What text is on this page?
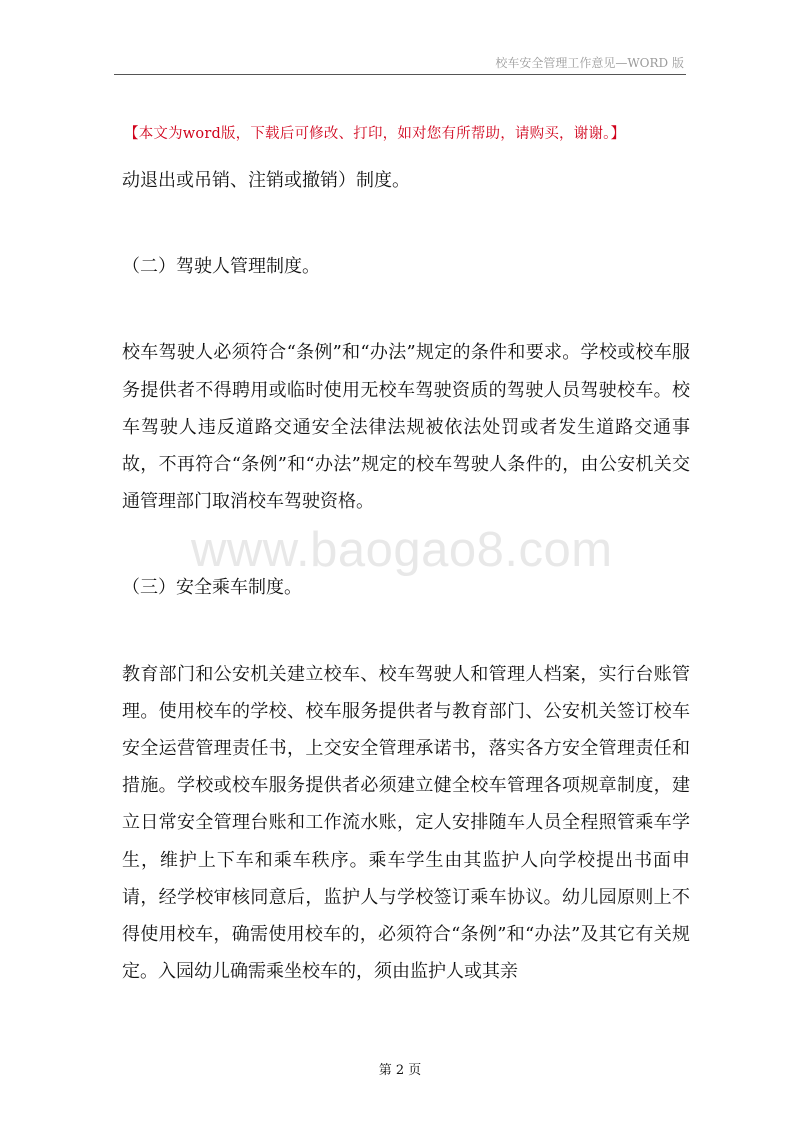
校车安全管理工作意见—WORD 版
【本文为word版，下载后可修改、打印，如对您有所帮助，请购买，谢谢。】

动退出或吊销、注销或撤销）制度。

（二）驾驶人管理制度。

校车驾驶人必须符合“条例”和“办法”规定的条件和要求。学校或校车服务提供者不得聘用或临时使用无校车驾驶资质的驾驶人员驾驶校车。校车驾驶人违反道路交通安全法律法规被依法处罚或者发生道路交通事故，不再符合“条例”和“办法”规定的校车驾驶人条件的，由公安机关交通管理部门取消校车驾驶资格。

（三）安全乘车制度。

教育部门和公安机关建立校车、校车驾驶人和管理人档案，实行台账管理。使用校车的学校、校车服务提供者与教育部门、公安机关签订校车安全运营管理责任书，上交安全管理承诺书，落实各方安全管理责任和措施。学校或校车服务提供者必须建立健全校车管理各项规章制度，建立日常安全管理台账和工作流水账，定人安排随车人员全程照管乘车学生，维护上下车和乘车秩序。乘车学生由其监护人向学校提出书面申请，经学校审核同意后，监护人与学校签订乘车协议。幼儿园原则上不得使用校车，确需使用校车的，必须符合“条例”和“办法”及其它有关规定。入园幼儿确需乘坐校车的，须由监护人或其亲

www.baogao8.com
第 2 页
